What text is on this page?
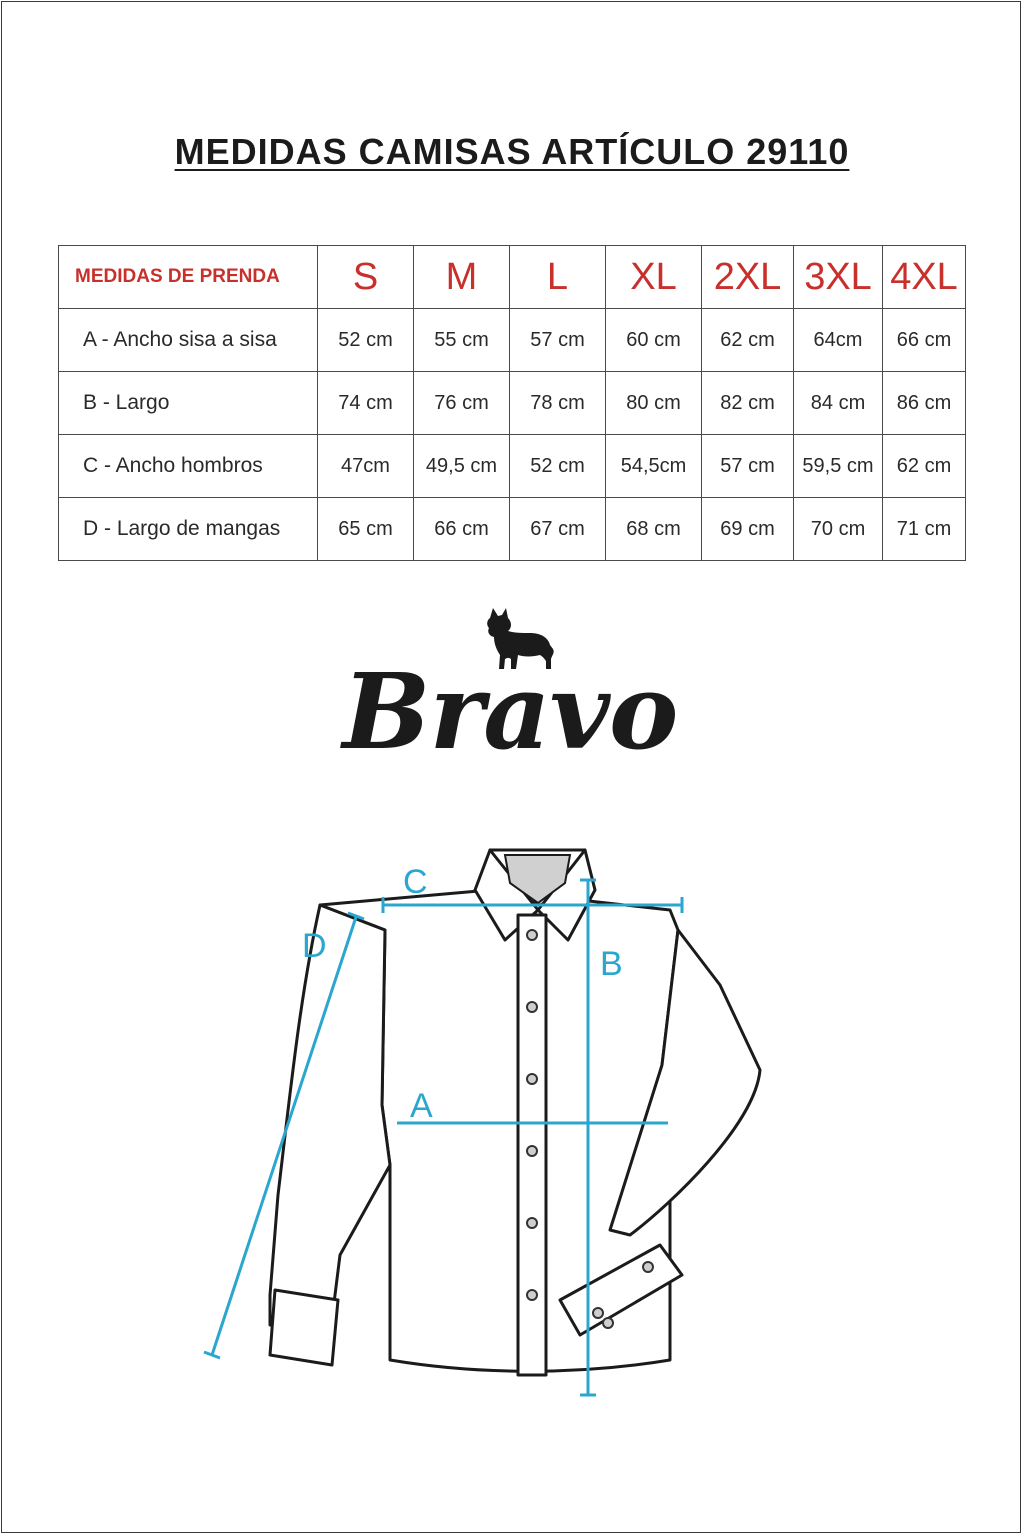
MEDIDAS CAMISAS ARTÍCULO 29110
MEDIDAS DE PRENDA	S	M	L	XL	2XL	3XL	4XL
A - Ancho sisa a sisa	52 cm	55 cm	57 cm	60 cm	62 cm	64cm	66 cm
B - Largo	74 cm	76 cm	78 cm	80 cm	82 cm	84 cm	86 cm
C - Ancho hombros	47cm	49,5 cm	52 cm	54,5cm	57 cm	59,5 cm	62 cm
D - Largo de mangas	65 cm	66 cm	67 cm	68 cm	69 cm	70 cm	71 cm
Bravo
C
D	B
A
